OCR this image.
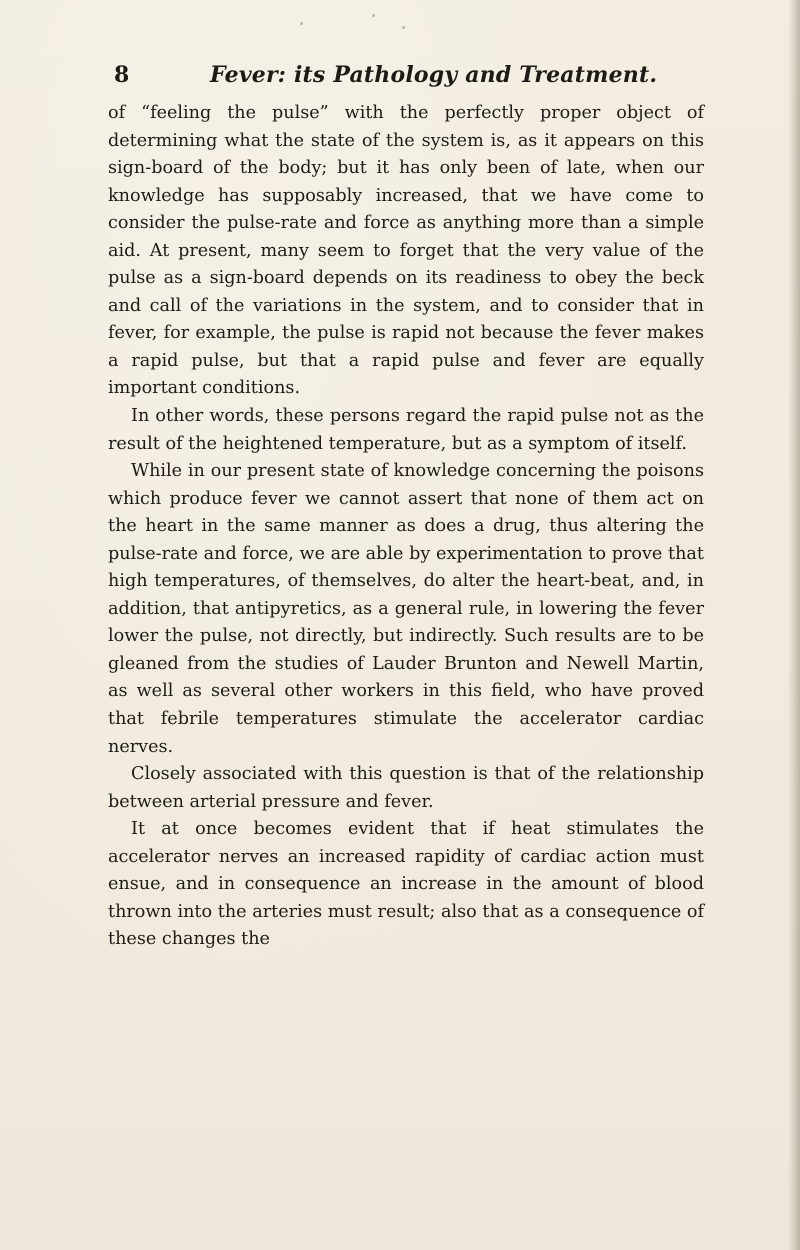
8	Fever: its Pathology and Treatment.

of “feeling the pulse” with the perfectly proper object of determining what the state of the system is, as it appears on this sign-board of the body; but it has only been of late, when our knowledge has supposably increased, that we have come to consider the pulse-rate and force as anything more than a simple aid. At present, many seem to forget that the very value of the pulse as a sign-board depends on its readiness to obey the beck and call of the variations in the system, and to consider that in fever, for example, the pulse is rapid not because the fever makes a rapid pulse, but that a rapid pulse and fever are equally important conditions.

In other words, these persons regard the rapid pulse not as the result of the heightened temperature, but as a symptom of itself.

While in our present state of knowledge concerning the poisons which produce fever we cannot assert that none of them act on the heart in the same manner as does a drug, thus altering the pulse-rate and force, we are able by experimentation to prove that high temperatures, of themselves, do alter the heart-beat, and, in addition, that antipyretics, as a general rule, in lowering the fever lower the pulse, not directly, but indirectly. Such results are to be gleaned from the studies of Lauder Brunton and Newell Martin, as well as several other workers in this field, who have proved that febrile temperatures stimulate the accelerator cardiac nerves.

Closely associated with this question is that of the relationship between arterial pressure and fever.

It at once becomes evident that if heat stimulates the accelerator nerves an increased rapidity of cardiac action must ensue, and in consequence an increase in the amount of blood thrown into the arteries must result; also that as a consequence of these changes the
